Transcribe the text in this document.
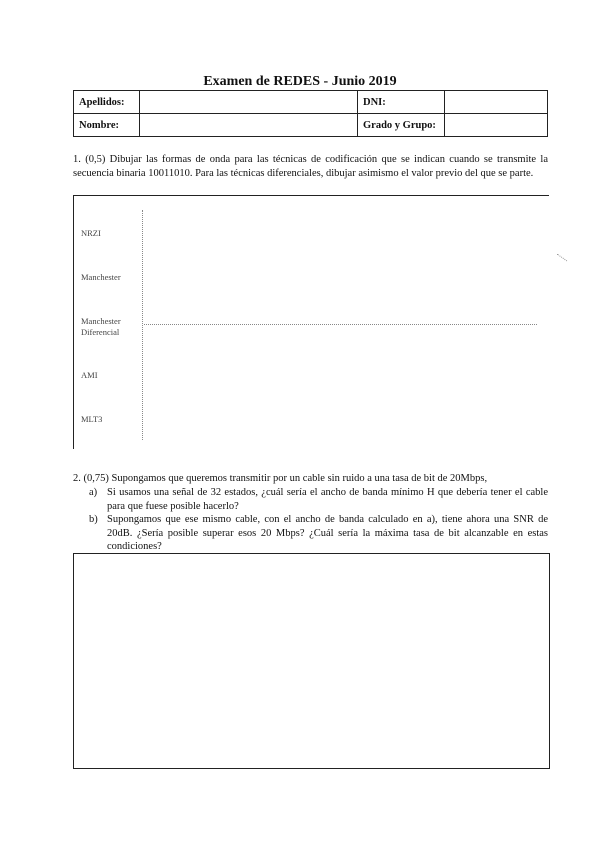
Examen de REDES - Junio 2019
Apellidos:		DNI:	
Nombre:		Grado y Grupo:	
1. (0,5) Dibujar las formas de onda para las técnicas de codificación que se indican cuando se transmite la secuencia binaria 10011010. Para las técnicas diferenciales, dibujar asimismo el valor previo del que se parte.
NRZI
Manchester
Manchester Diferencial
AMI
MLT3
2. (0,75) Supongamos que queremos transmitir por un cable sin ruido a una tasa de bit de 20Mbps,
a) Si usamos una señal de 32 estados, ¿cuál sería el ancho de banda mínimo H que debería tener el cable para que fuese posible hacerlo?
b) Supongamos que ese mismo cable, con el ancho de banda calculado en a), tiene ahora una SNR de 20dB. ¿Sería posible superar esos 20 Mbps? ¿Cuál sería la máxima tasa de bit alcanzable en estas condiciones?
